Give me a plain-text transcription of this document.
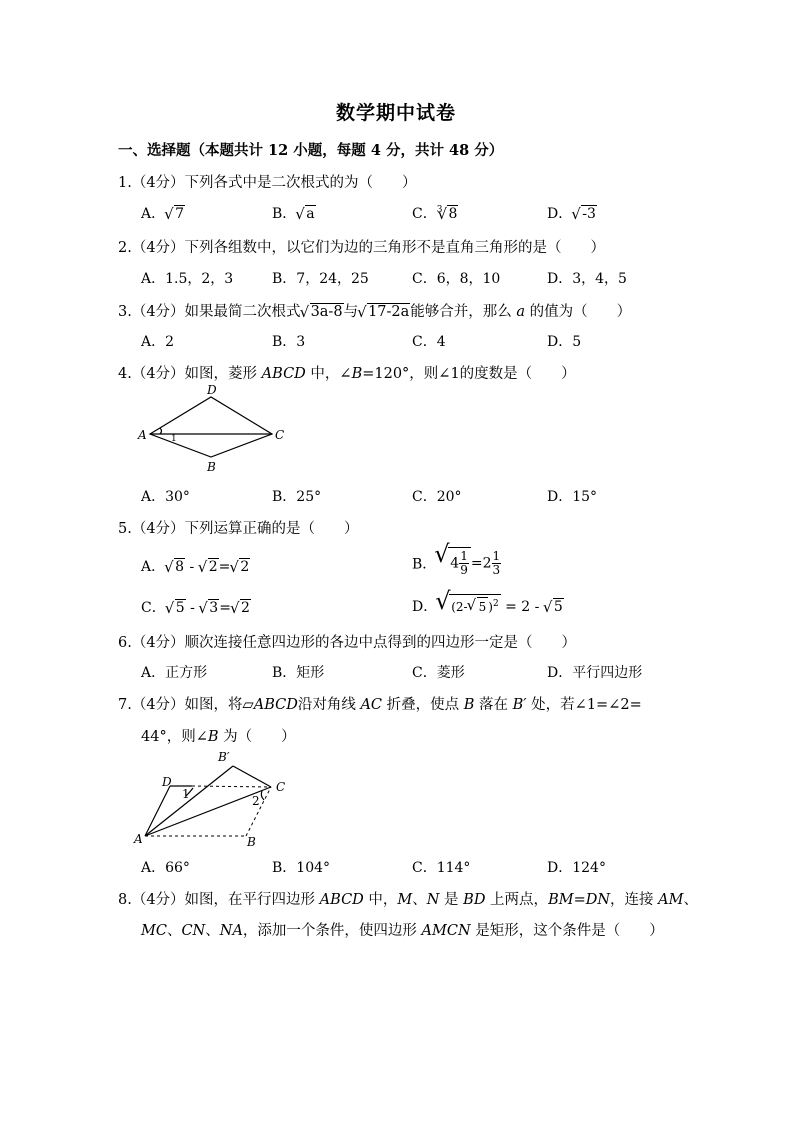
数学期中试卷
一、选择题（本题共计 12 小题，每题 4 分，共计 48 分）
1.（4分）下列各式中是二次根式的为（　　）
A． √ 7	B． √ a	C．$^3$ √ 8	D． √ -3
2.（4分）下列各组数中，以它们为边的三角形不是直角三角形的是（　　）
A．1.5，2，3	B．7，24，25	C．6，8，10	D．3，4，5
3.（4分）如果最简二次根式 √ 3a-8与 √ 17-2a能够合并，那么 a 的值为（　　）
A．2	B．3	C．4	D．5
4.（4分）如图，菱形 ABCD 中，∠B=120°，则∠1的度数是（　　）
A
D
C
B
1
A．30°	B．25°	C．20°	D．15°
5.（4分）下列运算正确的是（　　）
A． √ 8 - √ 2= √ 2	B． √ $4 \frac{1}{9} =2 \frac{1}{3}$
C． √ 5 - √ 3= √ 2	D． √ (2- √ 5 )$^2$ = 2 - √ 5
6.（4分）顺次连接任意四边形的各边中点得到的四边形一定是（　　）
A．正方形	B．矩形	C．菱形	D．平行四边形
7.（4分）如图，将▱ABCD沿对角线 AC 折叠，使点 B 落在 B′ 处，若∠1=∠2=
44°，则∠B 为（　　）
A
D
B′
C
B
1	2
A．66°	B．104°	C．114°	D．124°
8.（4分）如图，在平行四边形 ABCD 中，M、N 是 BD 上两点，BM=DN，连接 AM、
MC、CN、NA，添加一个条件，使四边形 AMCN 是矩形，这个条件是（　　）
